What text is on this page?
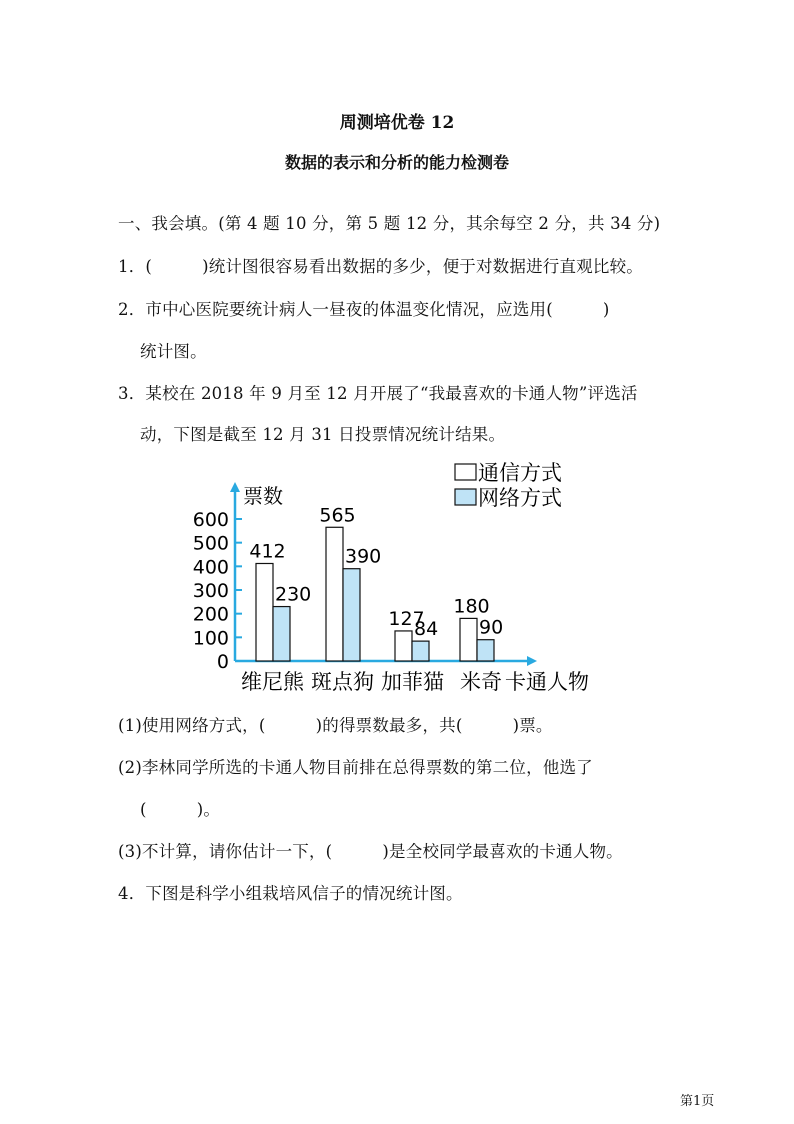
周测培优卷 12
数据的表示和分析的能力检测卷
一、我会填。(第 4 题 10 分，第 5 题 12 分，其余每空 2 分，共 34 分)
1．(　　　)统计图很容易看出数据的多少，便于对数据进行直观比较。
2．市中心医院要统计病人一昼夜的体温变化情况，应选用(　　　)
统计图。
3．某校在 2018 年 9 月至 12 月开展了“我最喜欢的卡通人物”评选活
动，下图是截至 12 月 31 日投票情况统计结果。
0
100
200
300
400
500
600
票数
412
230
565
390
127
84
180
90
维尼熊 斑点狗 加菲猫 米奇 卡通人物
通信方式
网络方式
(1)使用网络方式，(　　　)的得票数最多，共(　　　)票。
(2)李林同学所选的卡通人物目前排在总得票数的第二位，他选了
(　　　)。
(3)不计算，请你估计一下，(　　　)是全校同学最喜欢的卡通人物。
4．下图是科学小组栽培风信子的情况统计图。
第1页
